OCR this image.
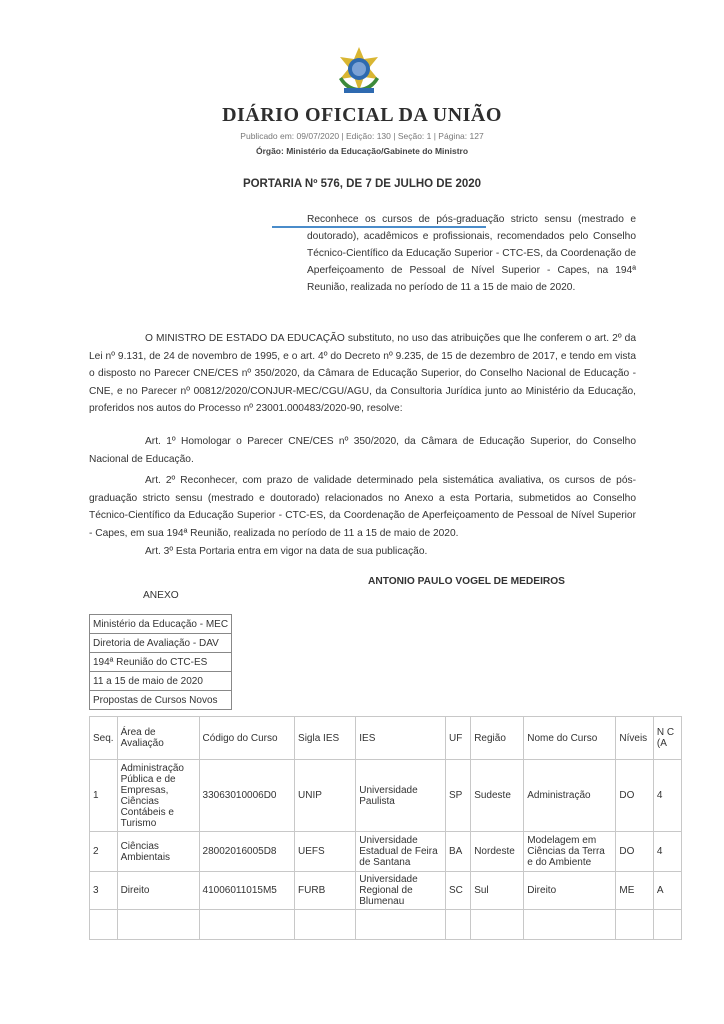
DIÁRIO OFICIAL DA UNIÃO
Publicado em: 09/07/2020 | Edição: 130 | Seção: 1 | Página: 127
Órgão: Ministério da Educação/Gabinete do Ministro
PORTARIA Nº 576, DE 7 DE JULHO DE 2020
Reconhece os cursos de pós-graduação stricto sensu (mestrado e doutorado), acadêmicos e profissionais, recomendados pelo Conselho Técnico-Científico da Educação Superior - CTC-ES, da Coordenação de Aperfeiçoamento de Pessoal de Nível Superior - Capes, na 194ª Reunião, realizada no período de 11 a 15 de maio de 2020.
O MINISTRO DE ESTADO DA EDUCAÇÃO substituto, no uso das atribuições que lhe conferem o art. 2º da Lei nº 9.131, de 24 de novembro de 1995, e o art. 4º do Decreto nº 9.235, de 15 de dezembro de 2017, e tendo em vista o disposto no Parecer CNE/CES nº 350/2020, da Câmara de Educação Superior, do Conselho Nacional de Educação - CNE, e no Parecer nº 00812/2020/CONJUR-MEC/CGU/AGU, da Consultoria Jurídica junto ao Ministério da Educação, proferidos nos autos do Processo nº 23001.000483/2020-90, resolve:
Art. 1º Homologar o Parecer CNE/CES nº 350/2020, da Câmara de Educação Superior, do Conselho Nacional de Educação.
Art. 2º Reconhecer, com prazo de validade determinado pela sistemática avaliativa, os cursos de pós-graduação stricto sensu (mestrado e doutorado) relacionados no Anexo a esta Portaria, submetidos ao Conselho Técnico-Científico da Educação Superior - CTC-ES, da Coordenação de Aperfeiçoamento de Pessoal de Nível Superior - Capes, em sua 194ª Reunião, realizada no período de 11 a 15 de maio de 2020.
Art. 3º Esta Portaria entra em vigor na data de sua publicação.
ANTONIO PAULO VOGEL DE MEDEIROS
ANEXO
Ministério da Educação - MEC
Diretoria de Avaliação - DAV
194ª Reunião do CTC-ES
11 a 15 de maio de 2020
Propostas de Cursos Novos
Seq.	Área de Avaliação	Código do Curso	Sigla IES	IES	UF	Região	Nome do Curso	Níveis	N C (A
1	Administração Pública e de Empresas, Ciências Contábeis e Turismo	33063010006D0	UNIP	Universidade Paulista	SP	Sudeste	Administração	DO	4
2	Ciências Ambientais	28002016005D8	UEFS	Universidade Estadual de Feira de Santana	BA	Nordeste	Modelagem em Ciências da Terra e do Ambiente	DO	4
3	Direito	41006011015M5	FURB	Universidade Regional de Blumenau	SC	Sul	Direito	ME	A
